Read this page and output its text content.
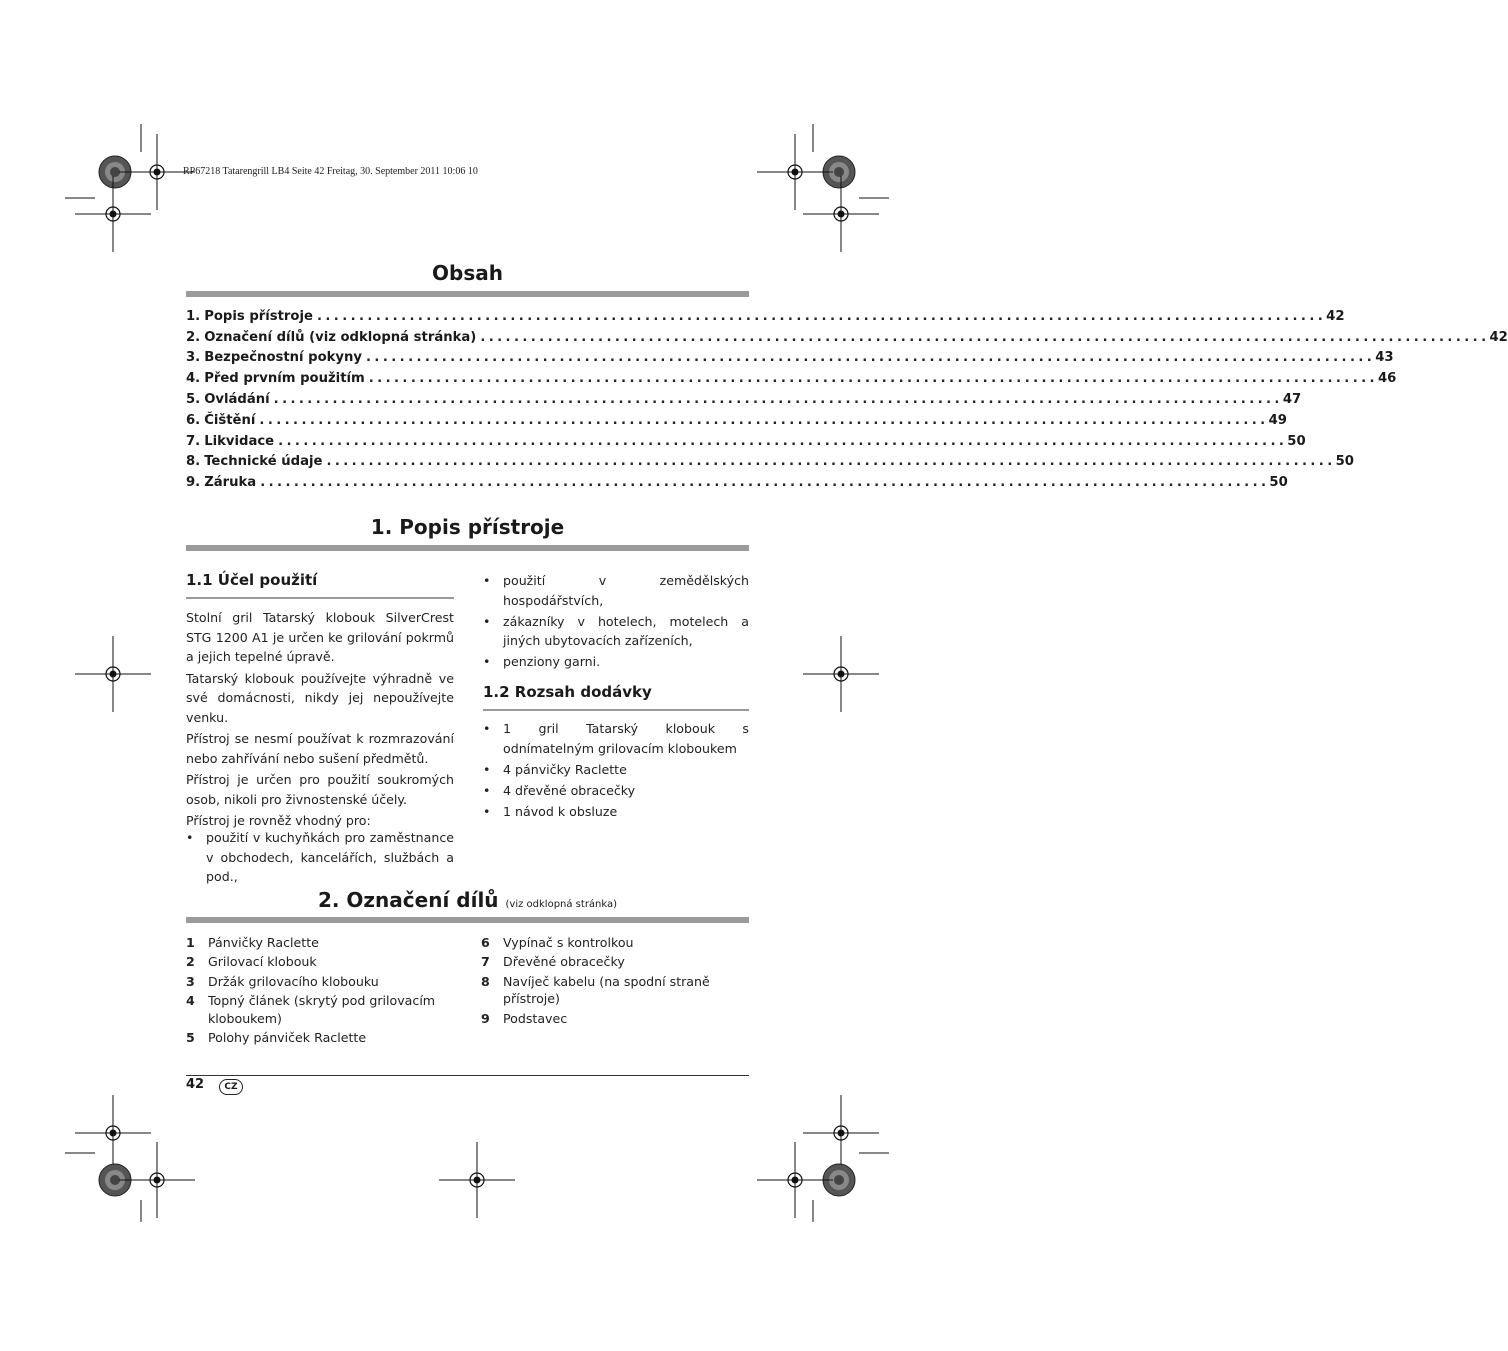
RP67218 Tatarengrill LB4 Seite 42 Freitag, 30. September 2011 10:06 10
Obsah
1. Popis přístroje ........................................................................................................................ 42
2. Označení dílů (viz odklopná stránka) ........................................................................................................................ 42
3. Bezpečnostní pokyny ........................................................................................................................ 43
4. Před prvním použitím ........................................................................................................................ 46
5. Ovládání ........................................................................................................................ 47
6. Čištění ........................................................................................................................ 49
7. Likvidace ........................................................................................................................ 50
8. Technické údaje ........................................................................................................................ 50
9. Záruka ........................................................................................................................ 50
1. Popis přístroje
1.1 Účel použití

Stolní gril Tatarský klobouk SilverCrest STG 1200 A1 je určen ke grilování pokrmů a jejich tepelné úpravě.

Tatarský klobouk používejte výhradně ve své domácnosti, nikdy jej nepoužívejte venku.

Přístroj se nesmí používat k rozmrazování nebo zahřívání nebo sušení předmětů.

Přístroj je určen pro použití soukromých osob, nikoli pro živnostenské účely.

Přístroj je rovněž vhodný pro:

• použití v kuchyňkách pro zaměstnance v obchodech, kancelářích, službách a pod.,
• použití v zemědělských hospodářstvích,
• zákazníky v hotelech, motelech a jiných ubytovacích zařízeních,
• penziony garni.
1.2 Rozsah dodávky
• 1 gril Tatarský klobouk s odnímatelným grilovacím kloboukem
• 4 pánvičky Raclette
• 4 dřevěné obracečky
• 1 návod k obsluze
2. Označení dílů (viz odklopná stránka)
1	Pánvičky Raclette
2	Grilovací klobouk
3	Držák grilovacího klobouku
4	Topný článek (skrytý pod grilovacím kloboukem)
5	Polohy pánviček Raclette
6	Vypínač s kontrolkou
7	Dřevěné obracečky
8	Navíječ kabelu (na spodní straně přístroje)
9	Podstavec
42	CZ
